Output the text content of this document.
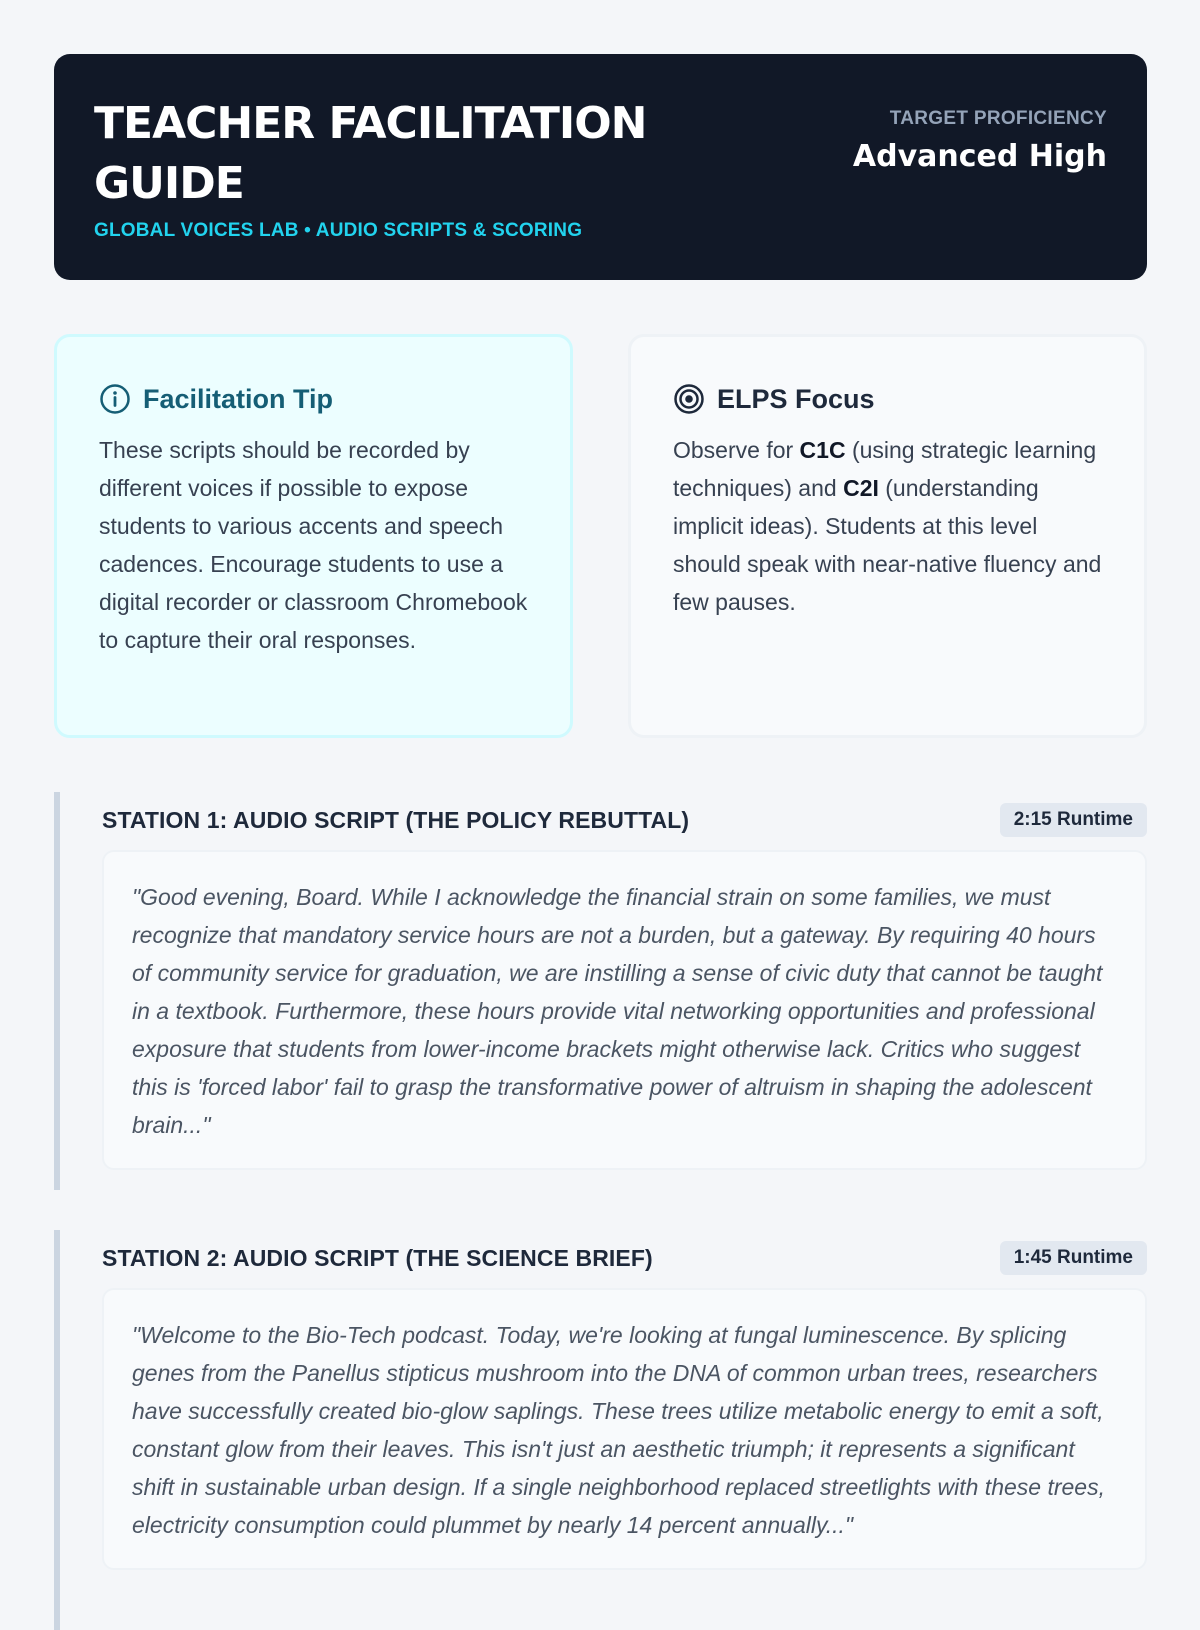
TEACHER FACILITATION GUIDE
GLOBAL VOICES LAB • AUDIO SCRIPTS & SCORING
TARGET PROFICIENCY
Advanced High
Facilitation Tip
These scripts should be recorded by different voices if possible to expose students to various accents and speech cadences. Encourage students to use a digital recorder or classroom Chromebook to capture their oral responses.
ELPS Focus
Observe for C1C (using strategic learning techniques) and C2I (understanding implicit ideas). Students at this level should speak with near-native fluency and few pauses.
STATION 1: AUDIO SCRIPT (THE POLICY REBUTTAL)	2:15 Runtime
"Good evening, Board. While I acknowledge the financial strain on some families, we must recognize that mandatory service hours are not a burden, but a gateway. By requiring 40 hours of community service for graduation, we are instilling a sense of civic duty that cannot be taught in a textbook. Furthermore, these hours provide vital networking opportunities and professional exposure that students from lower-income brackets might otherwise lack. Critics who suggest this is 'forced labor' fail to grasp the transformative power of altruism in shaping the adolescent brain..."
STATION 2: AUDIO SCRIPT (THE SCIENCE BRIEF)	1:45 Runtime
"Welcome to the Bio-Tech podcast. Today, we're looking at fungal luminescence. By splicing genes from the Panellus stipticus mushroom into the DNA of common urban trees, researchers have successfully created bio-glow saplings. These trees utilize metabolic energy to emit a soft, constant glow from their leaves. This isn't just an aesthetic triumph; it represents a significant shift in sustainable urban design. If a single neighborhood replaced streetlights with these trees, electricity consumption could plummet by nearly 14 percent annually..."
